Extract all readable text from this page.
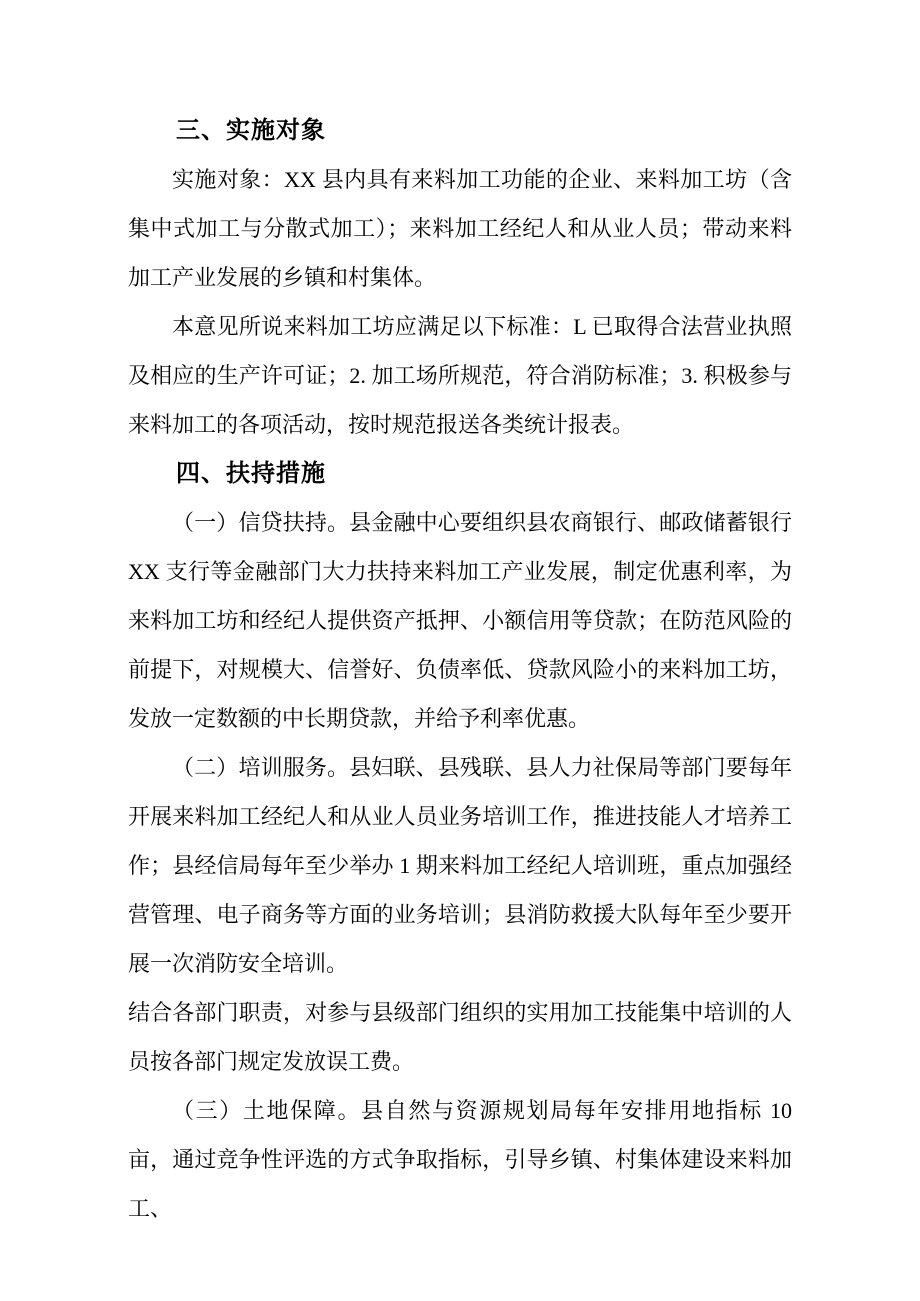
三、实施对象

实施对象：XX 县内具有来料加工功能的企业、来料加工坊（含集中式加工与分散式加工）；来料加工经纪人和从业人员；带动来料加工产业发展的乡镇和村集体。

本意见所说来料加工坊应满足以下标准：L 已取得合法营业执照及相应的生产许可证；2. 加工场所规范，符合消防标准；3. 积极参与来料加工的各项活动，按时规范报送各类统计报表。

四、扶持措施

（一）信贷扶持。县金融中心要组织县农商银行、邮政储蓄银行 XX 支行等金融部门大力扶持来料加工产业发展，制定优惠利率，为来料加工坊和经纪人提供资产抵押、小额信用等贷款；在防范风险的前提下，对规模大、信誉好、负债率低、贷款风险小的来料加工坊，发放一定数额的中长期贷款，并给予利率优惠。

（二）培训服务。县妇联、县残联、县人力社保局等部门要每年开展来料加工经纪人和从业人员业务培训工作，推进技能人才培养工作；县经信局每年至少举办 1 期来料加工经纪人培训班，重点加强经营管理、电子商务等方面的业务培训；县消防救援大队每年至少要开展一次消防安全培训。

结合各部门职责，对参与县级部门组织的实用加工技能集中培训的人员按各部门规定发放误工费。

（三）土地保障。县自然与资源规划局每年安排用地指标 10 亩，通过竞争性评选的方式争取指标，引导乡镇、村集体建设来料加工、
